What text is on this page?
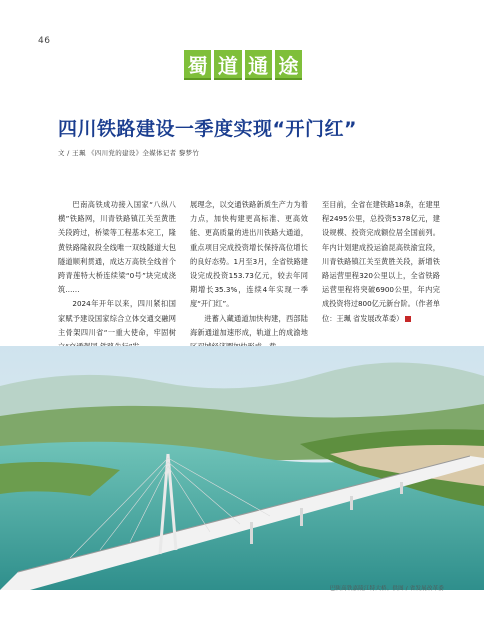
46
蜀 道 通 途
四川铁路建设一季度实现“开门红”
文 / 王珮 《四川党的建设》全媒体记者 黎梦竹

巴南高铁成功接入国家“八纵八横”铁路网，川青铁路镇江关至黄胜关段跨过，桥梁等工程基本完工，隆黄铁路隆叙段全线唯一双线隧道大包隧道顺利贯通，成达万高铁全线首个跨青莲特大桥连续梁“0号”块完成浇筑……

2024年开年以来，四川紧扣国家赋予建设国家综合立体交通交融网主骨架四川省“一重大使命，牢固树

展理念，以交通铁路新质生产力为着力点，加快构建更高标准、更高效能、更高质量的进出川铁路大通道，重点项目完成投资增长保持高位增长的良好态势。1月至3月，全省铁路建设完成投资153.73亿元，较去年同期增长35.3%，连续4年实现一季度“开门红”。

进蓄入藏通道加快构建，西部陆海新通道加速形成，轨道上的成渝地

至目前，全省在建铁路18条，在建里程2495公里，总投资5378亿元，建设规模、投资完成额位居全国前列。年内计划建成投运渝昆高铁渝宜段，川青铁路镇江关至黄胜关段，新增铁路运营里程320公里以上，全省铁路运营里程将突破6900公里，年内完成投资将过800亿元新台阶。（作者单位：王珮 省发展改革委）

巴陕高铁嘉陵江特大桥。供图 / 省发展改革委
